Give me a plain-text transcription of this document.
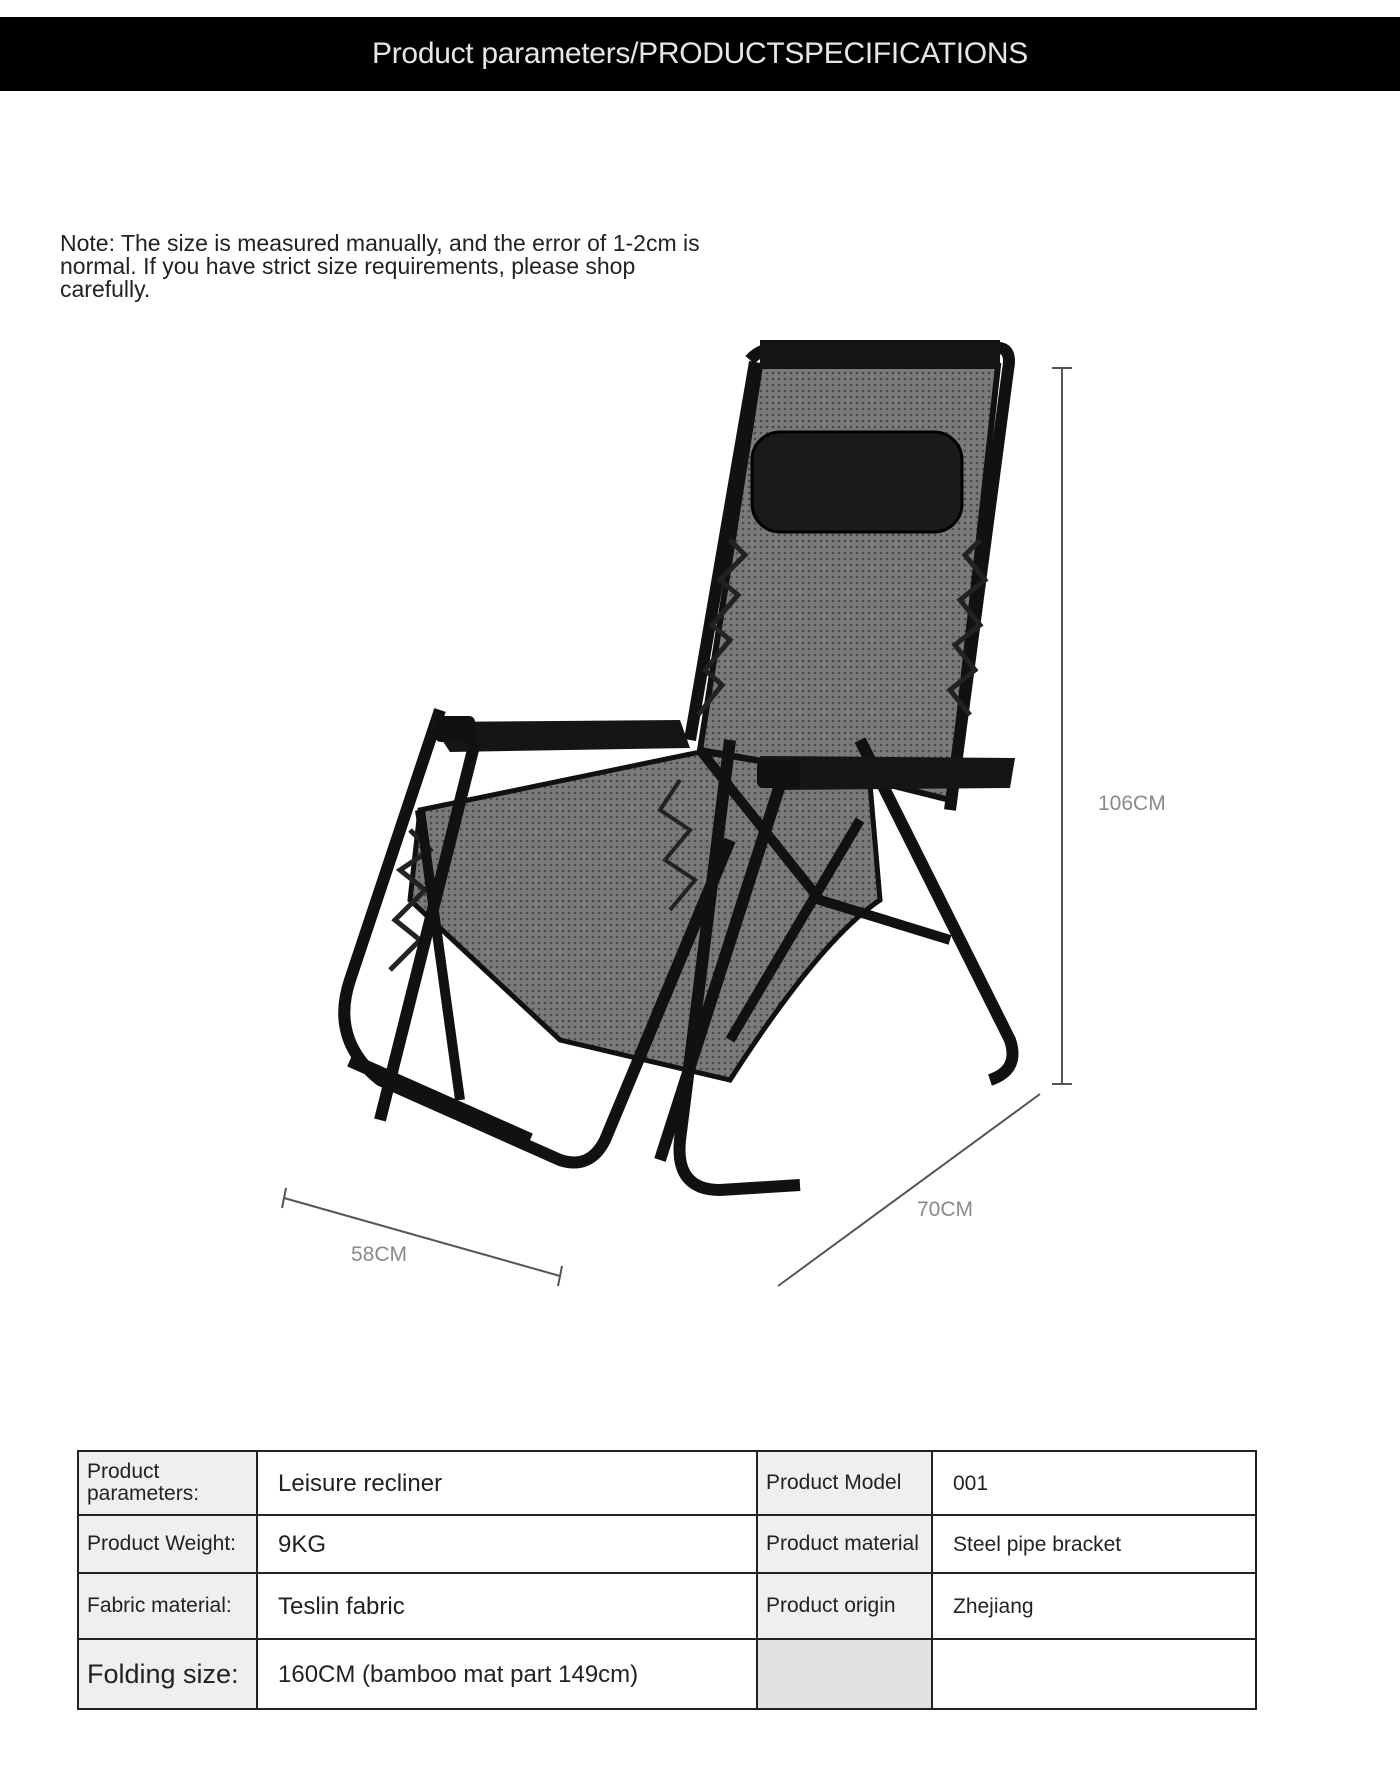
Product parameters/PRODUCTSPECIFICATIONS
Note: The size is measured manually, and the error of 1-2cm is normal. If you have strict size requirements, please shop carefully.
106CM
70CM
58CM
Product parameters:	Leisure recliner	Product Model	001
Product Weight:	9KG	Product material	Steel pipe bracket
Fabric material:	Teslin fabric	Product origin	Zhejiang
Folding size:	160CM (bamboo mat part 149cm)		
